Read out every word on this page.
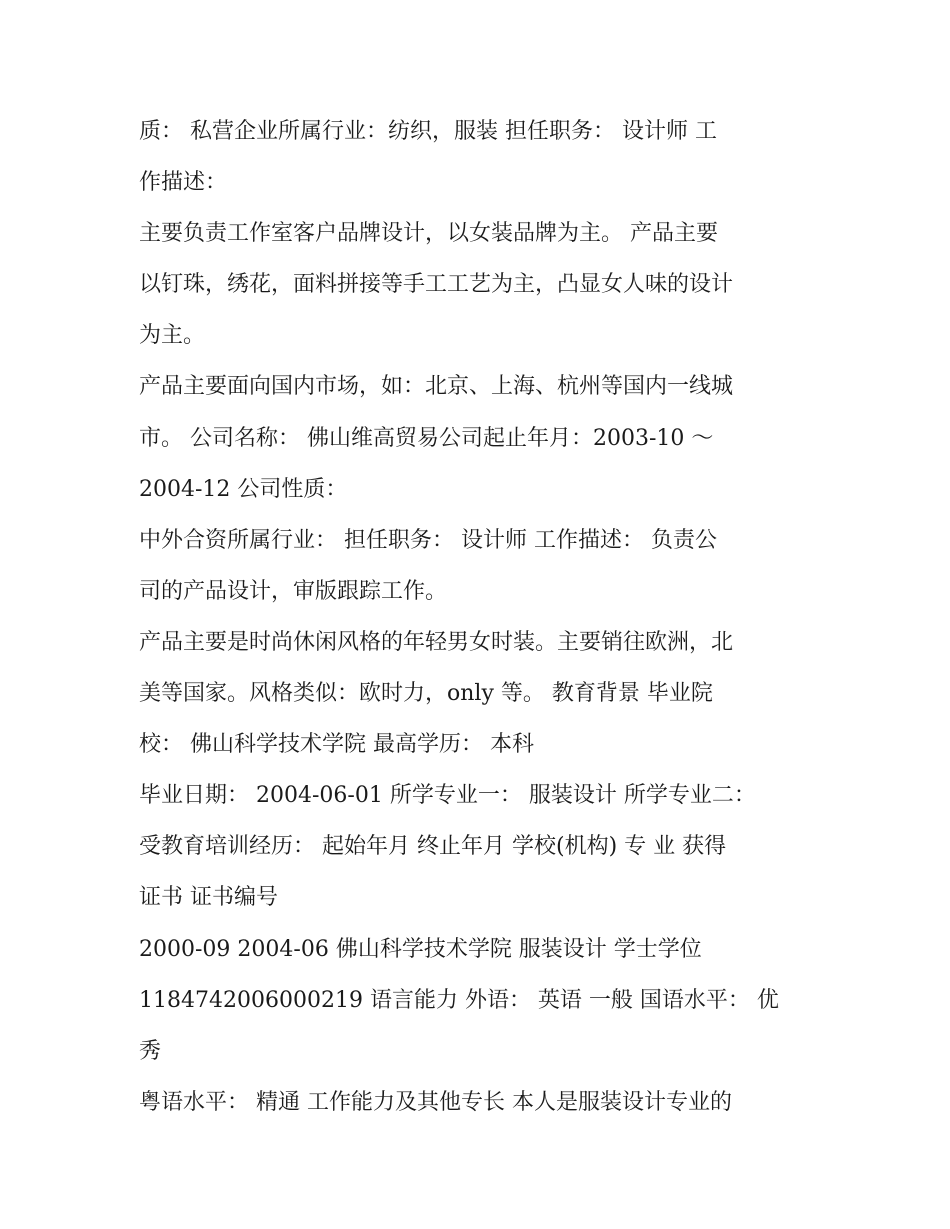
质： 私营企业所属行业：纺织，服装 担任职务： 设计师 工
作描述：
主要负责工作室客户品牌设计，以女装品牌为主。 产品主要
以钉珠，绣花，面料拼接等手工工艺为主，凸显女人味的设计
为主。
产品主要面向国内市场，如：北京、上海、杭州等国内一线城
市。 公司名称： 佛山维高贸易公司起止年月：2003-10 ～
2004-12 公司性质：
中外合资所属行业： 担任职务： 设计师 工作描述： 负责公
司的产品设计，审版跟踪工作。
产品主要是时尚休闲风格的年轻男女时装。主要销往欧洲，北
美等国家。风格类似：欧时力，only 等。 教育背景 毕业院
校： 佛山科学技术学院 最高学历： 本科
毕业日期： 2004-06-01 所学专业一： 服装设计 所学专业二：
受教育培训经历： 起始年月 终止年月 学校(机构) 专 业 获得
证书 证书编号
2000-09 2004-06 佛山科学技术学院 服装设计 学士学位
1184742006000219 语言能力 外语： 英语 一般 国语水平： 优
秀
粤语水平： 精通 工作能力及其他专长 本人是服装设计专业的
